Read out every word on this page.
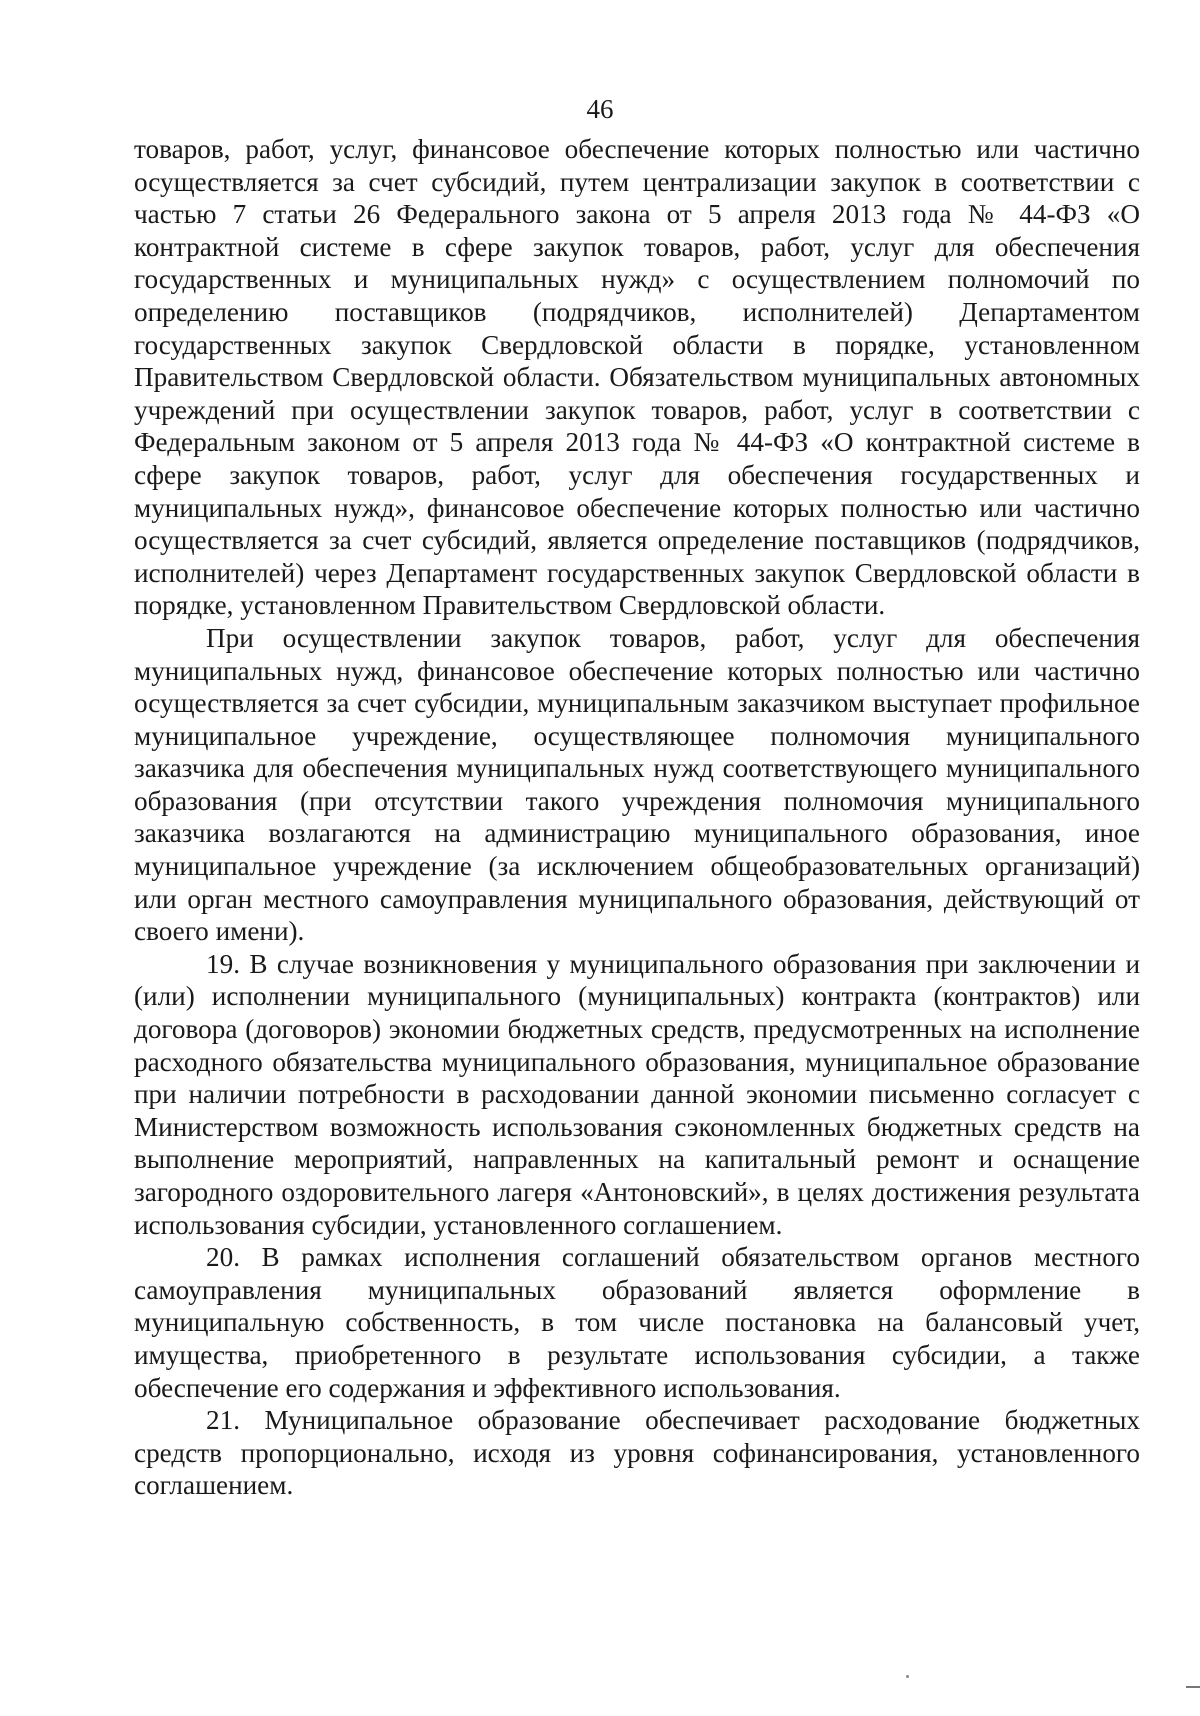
46

товаров, работ, услуг, финансовое обеспечение которых полностью или частично осуществляется за счет субсидий, путем централизации закупок в соответствии с частью 7 статьи 26 Федерального закона от 5 апреля 2013 года № 44-ФЗ «О контрактной системе в сфере закупок товаров, работ, услуг для обеспечения государственных и муниципальных нужд» с осуществлением полномочий по определению поставщиков (подрядчиков, исполнителей) Департаментом государственных закупок Свердловской области в порядке, установленном Правительством Свердловской области. Обязательством муниципальных автономных учреждений при осуществлении закупок товаров, работ, услуг в соответствии с Федеральным законом от 5 апреля 2013 года № 44-ФЗ «О контрактной системе в сфере закупок товаров, работ, услуг для обеспечения государственных и муниципальных нужд», финансовое обеспечение которых полностью или частично осуществляется за счет субсидий, является определение поставщиков (подрядчиков, исполнителей) через Департамент государственных закупок Свердловской области в порядке, установленном Правительством Свердловской области.

При осуществлении закупок товаров, работ, услуг для обеспечения муниципальных нужд, финансовое обеспечение которых полностью или частично осуществляется за счет субсидии, муниципальным заказчиком выступает профильное муниципальное учреждение, осуществляющее полномочия муниципального заказчика для обеспечения муниципальных нужд соответствующего муниципального образования (при отсутствии такого учреждения полномочия муниципального заказчика возлагаются на администрацию муниципального образования, иное муниципальное учреждение (за исключением общеобразовательных организаций) или орган местного самоуправления муниципального образования, действующий от своего имени).

19. В случае возникновения у муниципального образования при заключении и (или) исполнении муниципального (муниципальных) контракта (контрактов) или договора (договоров) экономии бюджетных средств, предусмотренных на исполнение расходного обязательства муниципального образования, муниципальное образование при наличии потребности в расходовании данной экономии письменно согласует с Министерством возможность использования сэкономленных бюджетных средств на выполнение мероприятий, направленных на капитальный ремонт и оснащение загородного оздоровительного лагеря «Антоновский», в целях достижения результата использования субсидии, установленного соглашением.

20. В рамках исполнения соглашений обязательством органов местного самоуправления муниципальных образований является оформление в муниципальную собственность, в том числе постановка на балансовый учет, имущества, приобретенного в результате использования субсидии, а также обеспечение его содержания и эффективного использования.

21. Муниципальное образование обеспечивает расходование бюджетных средств пропорционально, исходя из уровня софинансирования, установленного соглашением.
